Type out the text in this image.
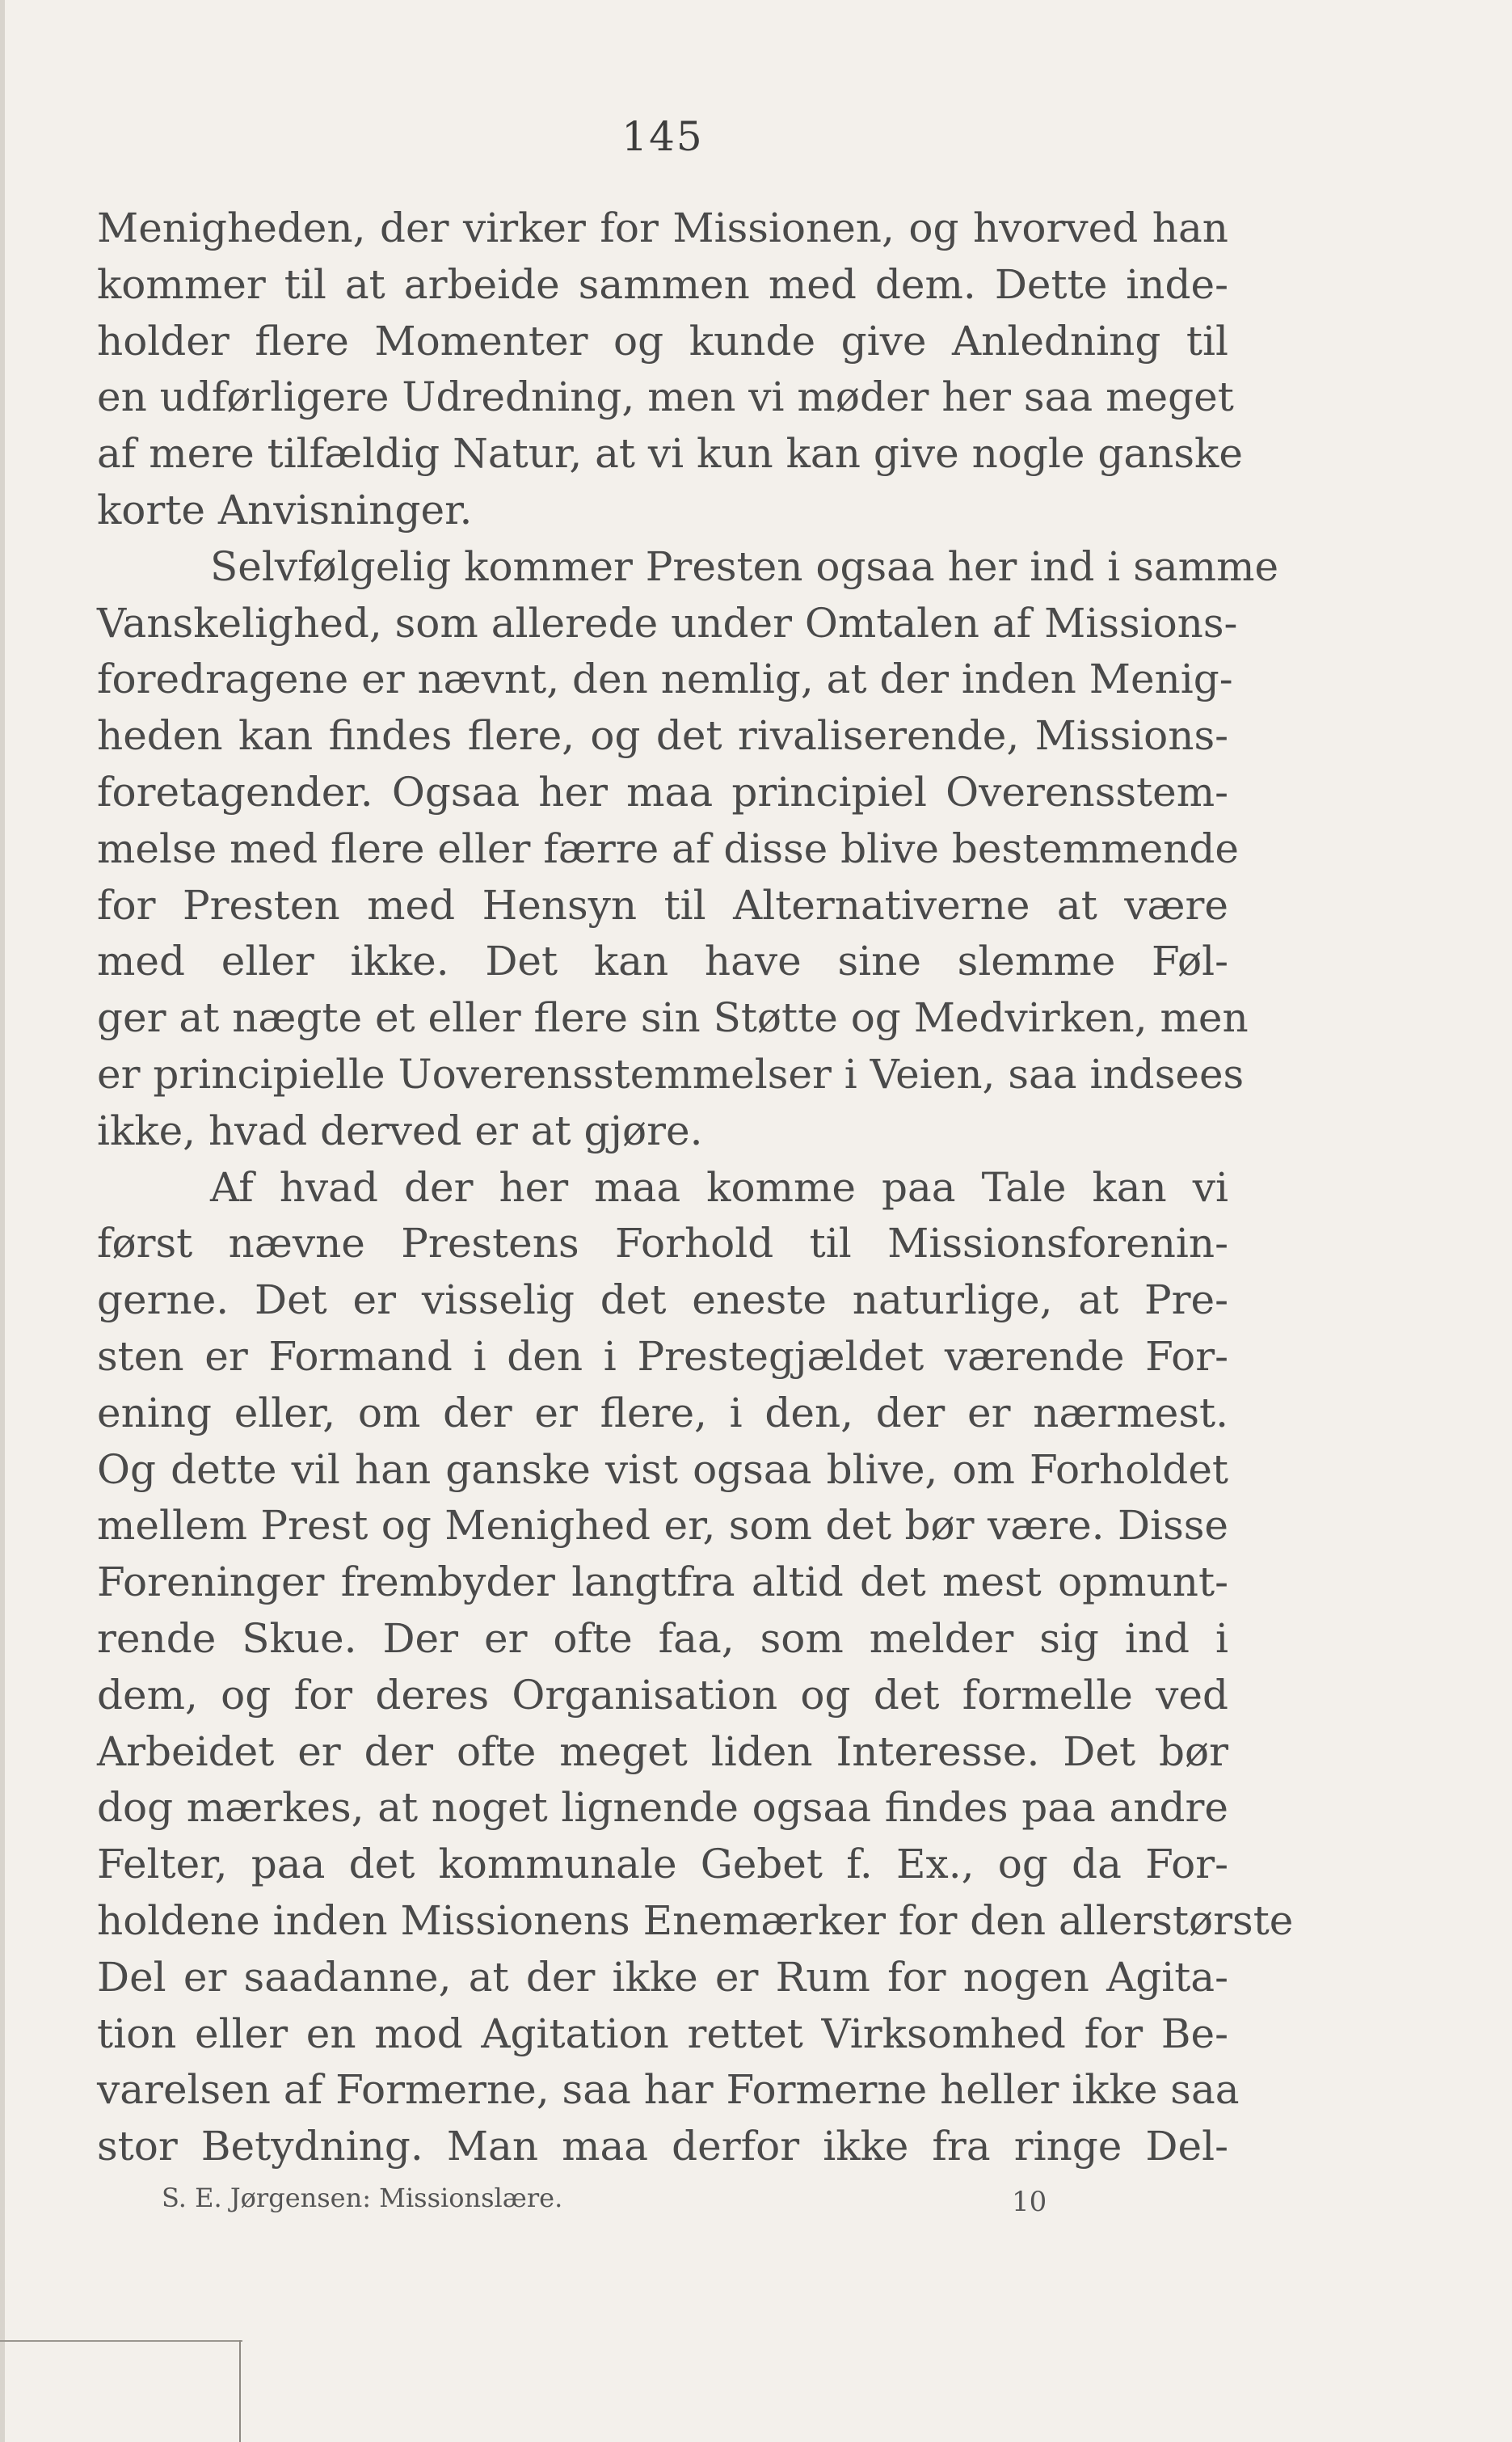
145
Menigheden, der virker for Missionen, og hvorved han
kommer til at arbeide sammen med dem. Dette inde-
holder flere Momenter og kunde give Anledning til
en udførligere Udredning, men vi møder her saa meget
af mere tilfældig Natur, at vi kun kan give nogle ganske
korte Anvisninger.
Selvfølgelig kommer Presten ogsaa her ind i samme
Vanskelighed, som allerede under Omtalen af Missions-
foredragene er nævnt, den nemlig, at der inden Menig-
heden kan findes flere, og det rivaliserende, Missions-
foretagender. Ogsaa her maa principiel Overensstem-
melse med flere eller færre af disse blive bestemmende
for Presten med Hensyn til Alternativerne at være
med eller ikke. Det kan have sine slemme Føl-
ger at nægte et eller flere sin Støtte og Medvirken, men
er principielle Uoverensstemmelser i Veien, saa indsees
ikke, hvad derved er at gjøre.
Af hvad der her maa komme paa Tale kan vi
først nævne Prestens Forhold til Missionsforenin-
gerne. Det er visselig det eneste naturlige, at Pre-
sten er Formand i den i Prestegjældet værende For-
ening eller, om der er flere, i den, der er nærmest.
Og dette vil han ganske vist ogsaa blive, om Forholdet
mellem Prest og Menighed er, som det bør være. Disse
Foreninger frembyder langtfra altid det mest opmunt-
rende Skue. Der er ofte faa, som melder sig ind i
dem, og for deres Organisation og det formelle ved
Arbeidet er der ofte meget liden Interesse. Det bør
dog mærkes, at noget lignende ogsaa findes paa andre
Felter, paa det kommunale Gebet f. Ex., og da For-
holdene inden Missionens Enemærker for den allerstørste
Del er saadanne, at der ikke er Rum for nogen Agita-
tion eller en mod Agitation rettet Virksomhed for Be-
varelsen af Formerne, saa har Formerne heller ikke saa
stor Betydning. Man maa derfor ikke fra ringe Del-
S. E. Jørgensen: Missionslære.	10
